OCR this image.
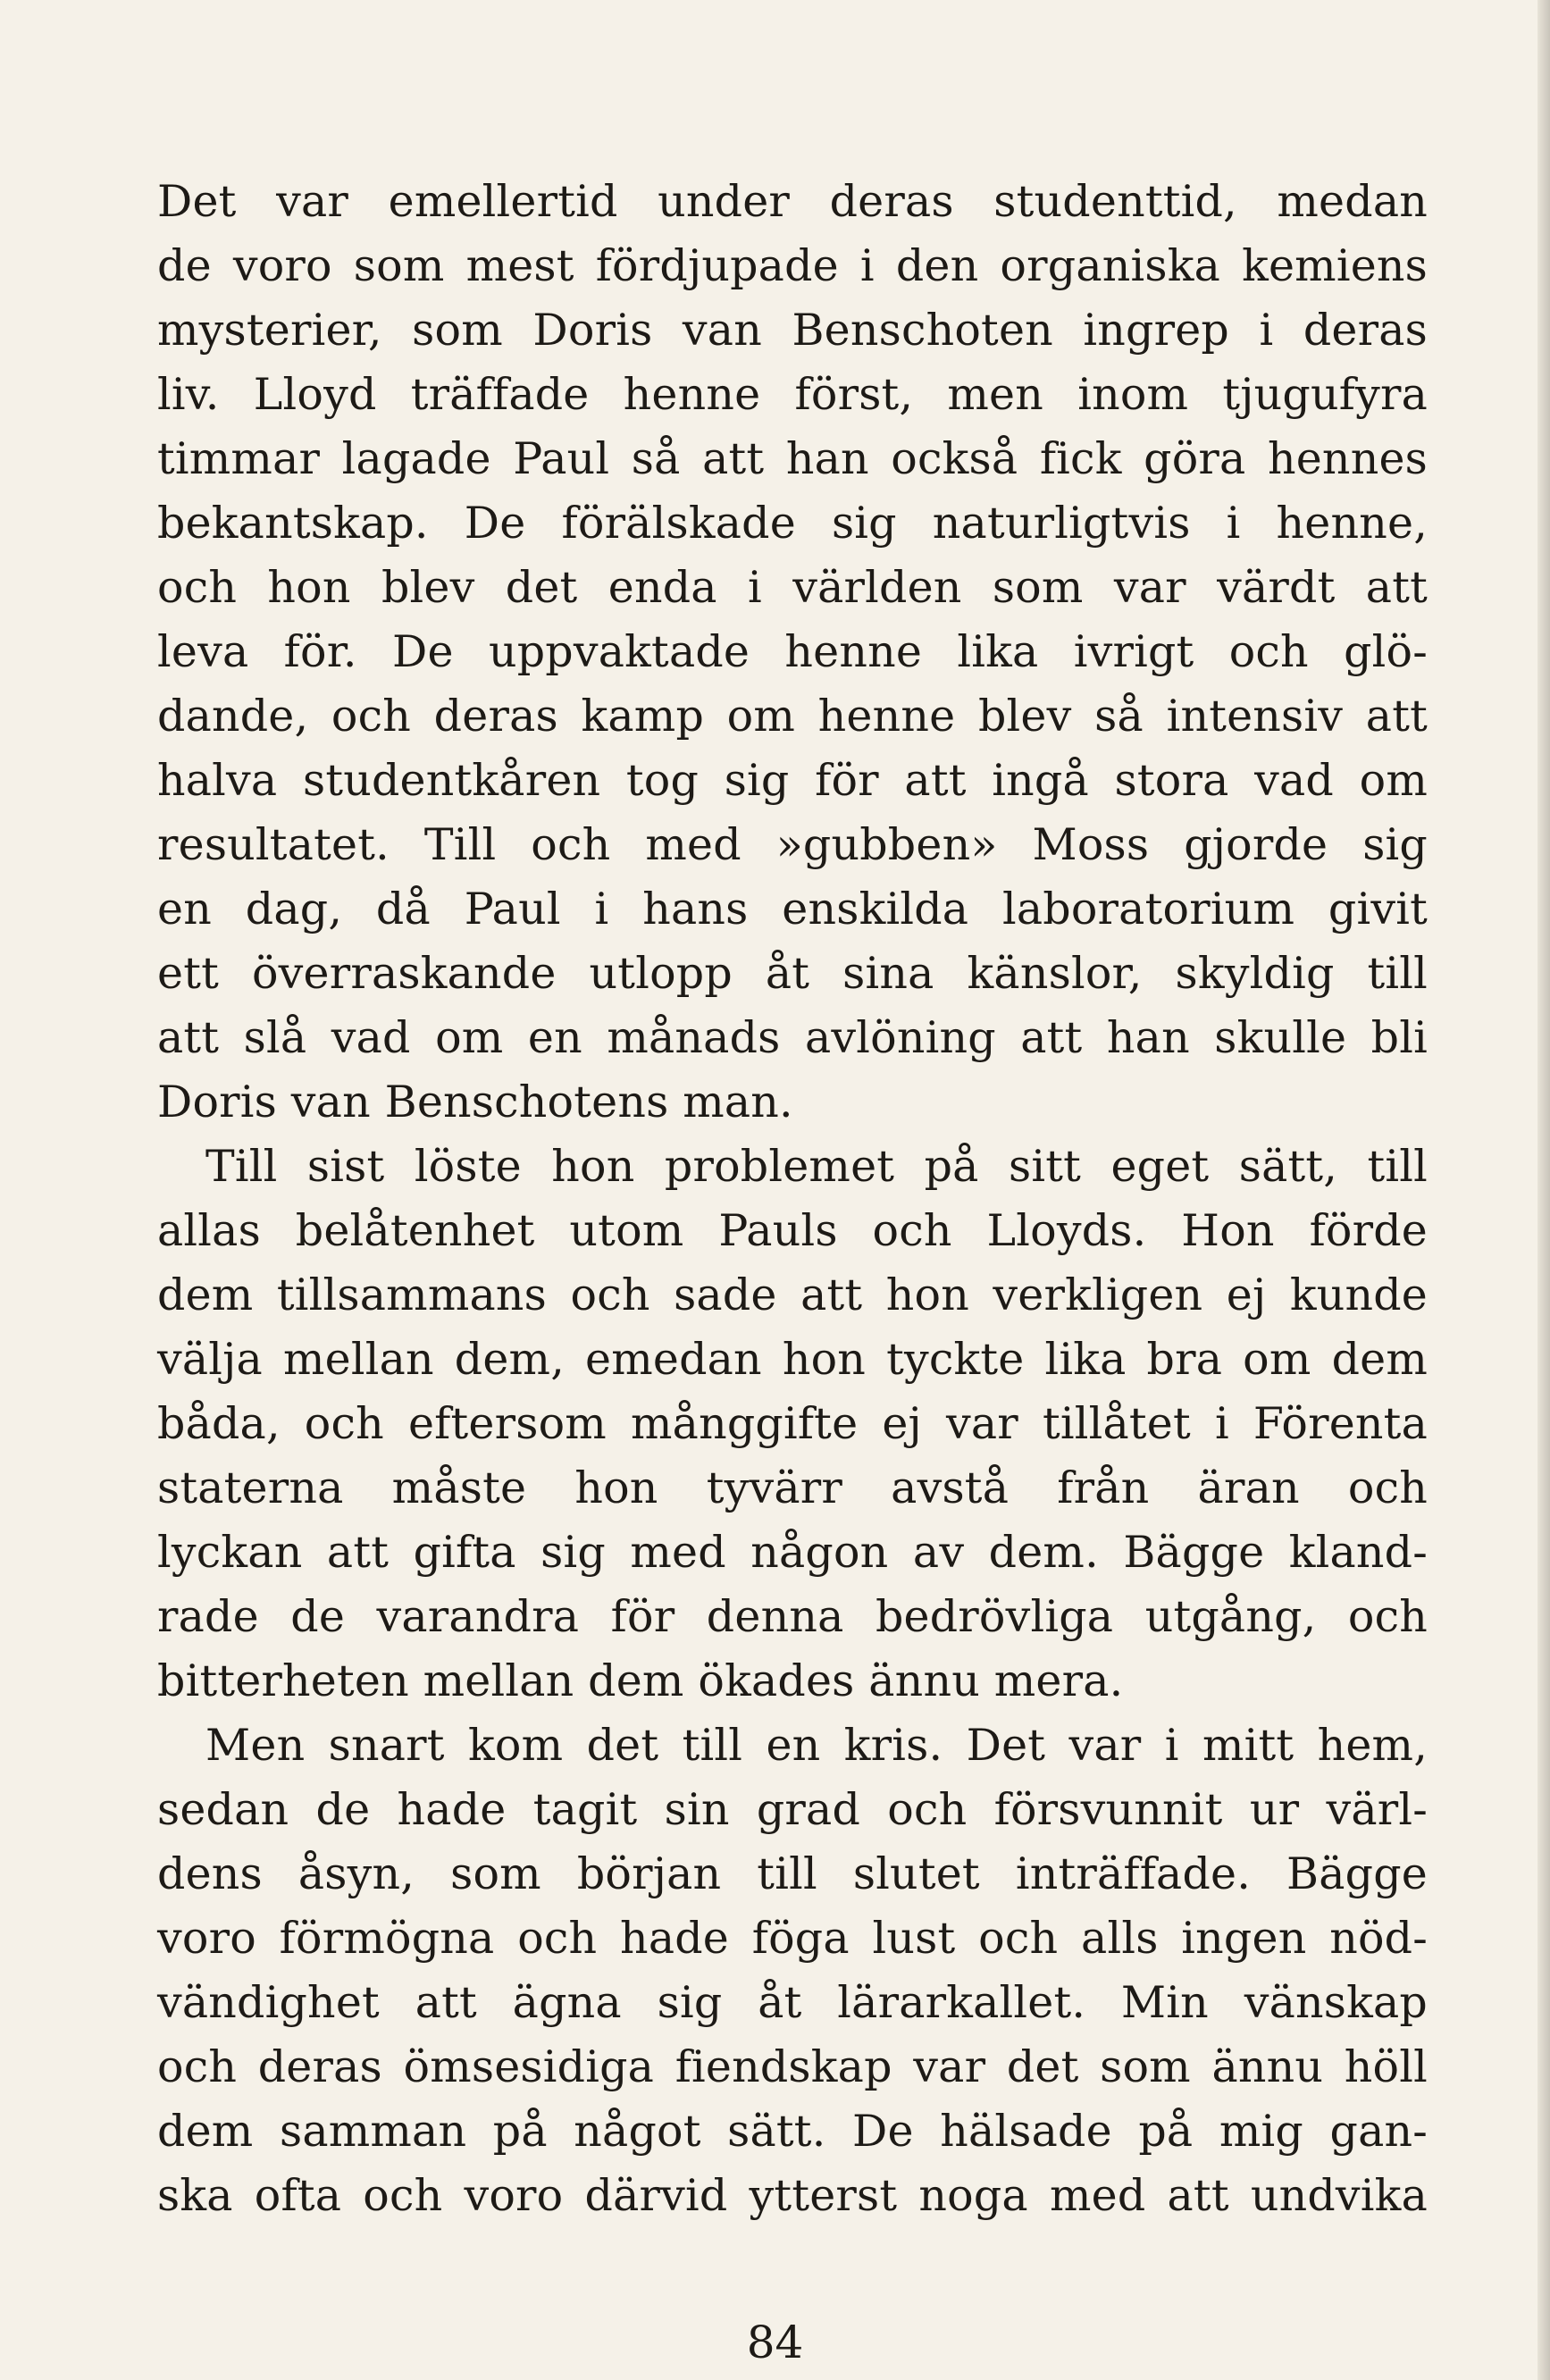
Det var emellertid under deras studenttid, medan
de voro som mest fördjupade i den organiska kemiens
mysterier, som Doris van Benschoten ingrep i deras
liv. Lloyd träffade henne först, men inom tjugufyra
timmar lagade Paul så att han också fick göra hennes
bekantskap. De förälskade sig naturligtvis i henne,
och hon blev det enda i världen som var värdt att
leva för. De uppvaktade henne lika ivrigt och glö-
dande, och deras kamp om henne blev så intensiv att
halva studentkåren tog sig för att ingå stora vad om
resultatet. Till och med »gubben» Moss gjorde sig
en dag, då Paul i hans enskilda laboratorium givit
ett överraskande utlopp åt sina känslor, skyldig till
att slå vad om en månads avlöning att han skulle bli
Doris van Benschotens man.
Till sist löste hon problemet på sitt eget sätt, till
allas belåtenhet utom Pauls och Lloyds. Hon förde
dem tillsammans och sade att hon verkligen ej kunde
välja mellan dem, emedan hon tyckte lika bra om dem
båda, och eftersom månggifte ej var tillåtet i Förenta
staterna måste hon tyvärr avstå från äran och
lyckan att gifta sig med någon av dem. Bägge kland-
rade de varandra för denna bedrövliga utgång, och
bitterheten mellan dem ökades ännu mera.
Men snart kom det till en kris. Det var i mitt hem,
sedan de hade tagit sin grad och försvunnit ur värl-
dens åsyn, som början till slutet inträffade. Bägge
voro förmögna och hade föga lust och alls ingen nöd-
vändighet att ägna sig åt lärarkallet. Min vänskap
och deras ömsesidiga fiendskap var det som ännu höll
dem samman på något sätt. De hälsade på mig gan-
ska ofta och voro därvid ytterst noga med att undvika
84
